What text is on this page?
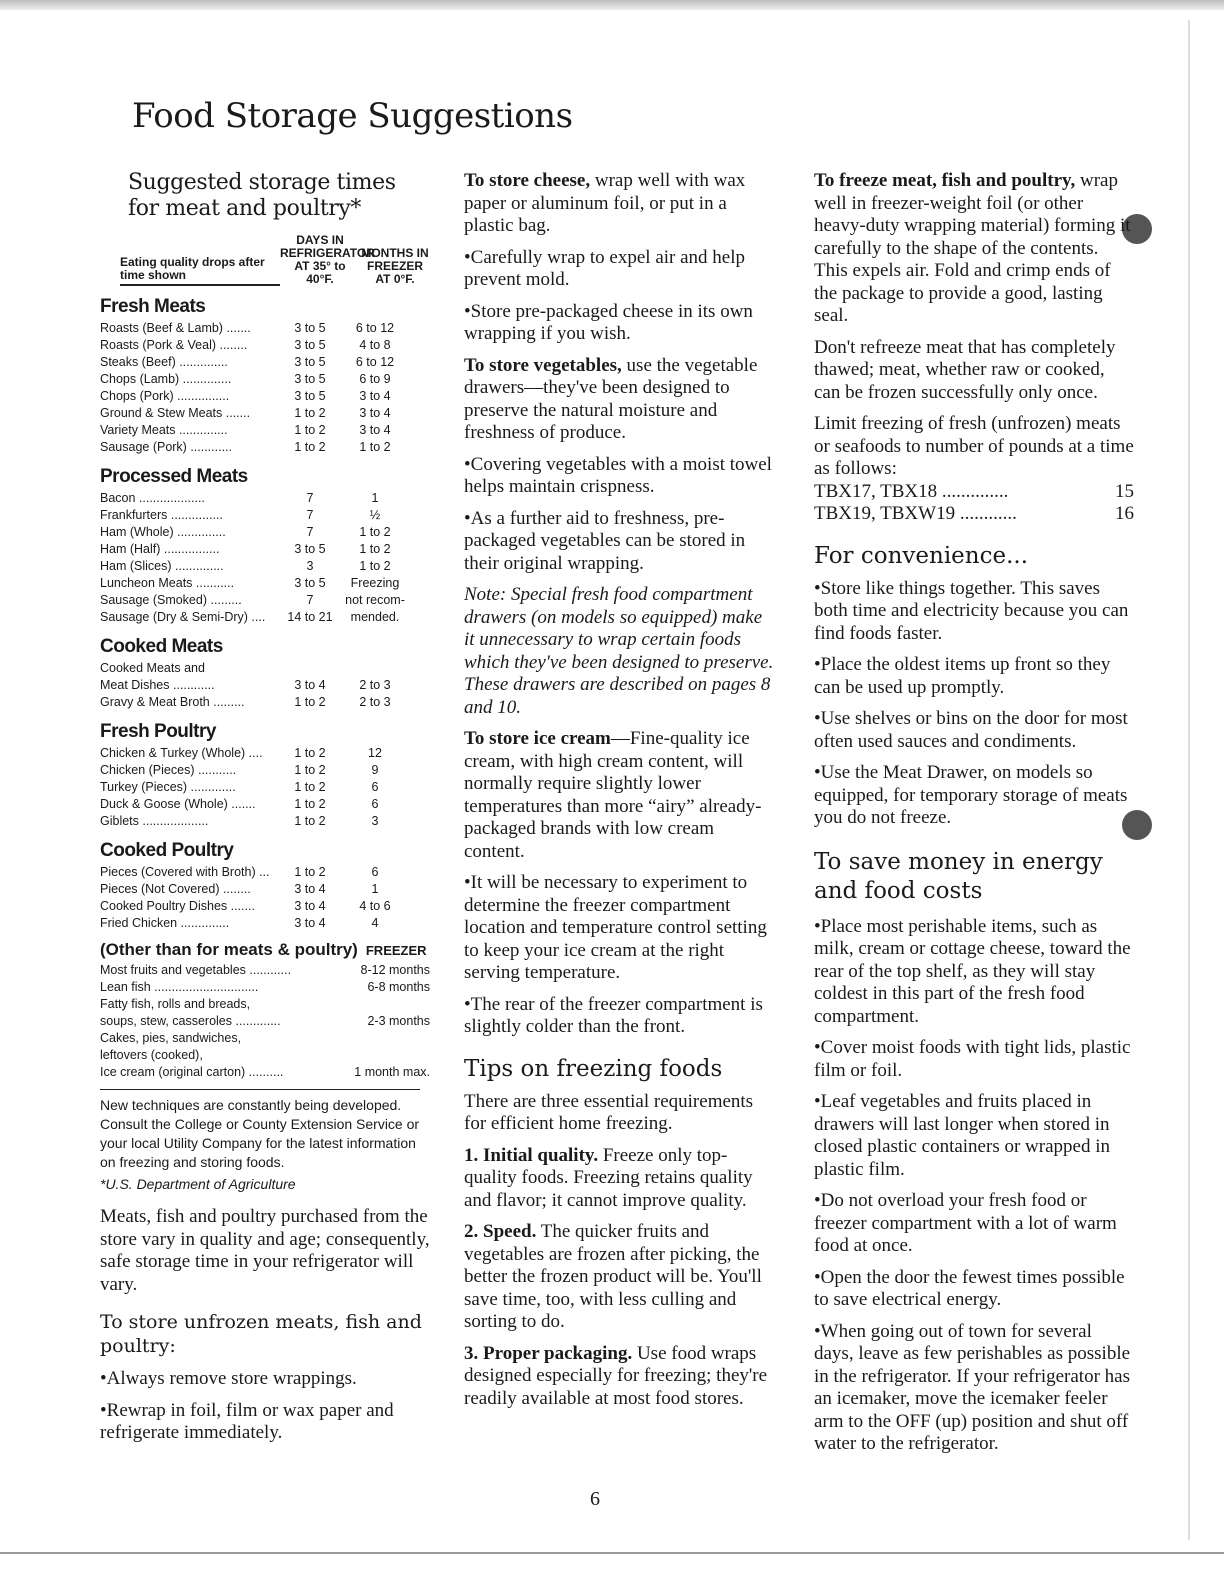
Food Storage Suggestions
Suggested storage times for meat and poultry*
Eating quality drops after time shown
DAYS IN REFRIGERATOR AT 35° to 40°F.
MONTHS IN FREEZER AT 0°F.
Fresh Meats
Roasts (Beef & Lamb) .......	3 to 5	6 to 12
Roasts (Pork & Veal) ........	3 to 5	4 to 8
Steaks (Beef) ..............	3 to 5	6 to 12
Chops (Lamb) ..............	3 to 5	6 to 9
Chops (Pork) ...............	3 to 5	3 to 4
Ground & Stew Meats .......	1 to 2	3 to 4
Variety Meats ..............	1 to 2	3 to 4
Sausage (Pork) ............	1 to 2	1 to 2
Processed Meats
Bacon ...................	7	1
Frankfurters ...............	7	½
Ham (Whole) ..............	7	1 to 2
Ham (Half) ................	3 to 5	1 to 2
Ham (Slices) ..............	3	1 to 2
Luncheon Meats ...........	3 to 5	Freezing
Sausage (Smoked) .........	7	not recom-
Sausage (Dry & Semi-Dry) ....	14 to 21	mended.
Cooked Meats
Cooked Meats and
Meat Dishes ............	3 to 4	2 to 3
Gravy & Meat Broth .........	1 to 2	2 to 3
Fresh Poultry
Chicken & Turkey (Whole) ....	1 to 2	12
Chicken (Pieces) ...........	1 to 2	9
Turkey (Pieces) .............	1 to 2	6
Duck & Goose (Whole) .......	1 to 2	6
Giblets ...................	1 to 2	3
Cooked Poultry
Pieces (Covered with Broth) ...	1 to 2	6
Pieces (Not Covered) ........	3 to 4	1
Cooked Poultry Dishes .......	3 to 4	4 to 6
Fried Chicken ..............	3 to 4	4
(Other than for meats & poultry) FREEZER
Most fruits and vegetables ............	8-12 months
Lean fish ..............................	6-8 months
Fatty fish, rolls and breads,
soups, stew, casseroles .............	2-3 months
Cakes, pies, sandwiches,
leftovers (cooked),
Ice cream (original carton) ..........	1 month max.
New techniques are constantly being developed. Consult the College or County Extension Service or your local Utility Company for the latest information on freezing and storing foods.
*U.S. Department of Agriculture

Meats, fish and poultry purchased from the store vary in quality and age; consequently, safe storage time in your refrigerator will vary.

To store unfrozen meats, fish and poultry:

• Always remove store wrappings.

• Rewrap in foil, film or wax paper and refrigerate immediately.

To store cheese, wrap well with wax paper or aluminum foil, or put in a plastic bag.

• Carefully wrap to expel air and help prevent mold.

• Store pre-packaged cheese in its own wrapping if you wish.

To store vegetables, use the vegetable drawers—they've been designed to preserve the natural moisture and freshness of produce.

• Covering vegetables with a moist towel helps maintain crispness.

• As a further aid to freshness, pre-packaged vegetables can be stored in their original wrapping.

Note: Special fresh food compartment drawers (on models so equipped) make it unnecessary to wrap certain foods which they've been designed to preserve. These drawers are described on pages 8 and 10.

To store ice cream—Fine-quality ice cream, with high cream content, will normally require slightly lower temperatures than more “airy” already-packaged brands with low cream content.

• It will be necessary to experiment to determine the freezer compartment location and temperature control setting to keep your ice cream at the right serving temperature.

• The rear of the freezer compartment is slightly colder than the front.

Tips on freezing foods

There are three essential requirements for efficient home freezing.

1. Initial quality. Freeze only top-quality foods. Freezing retains quality and flavor; it cannot improve quality.

2. Speed. The quicker fruits and vegetables are frozen after picking, the better the frozen product will be. You'll save time, too, with less culling and sorting to do.

3. Proper packaging. Use food wraps designed especially for freezing; they're readily available at most food stores.

To freeze meat, fish and poultry, wrap well in freezer-weight foil (or other heavy-duty wrapping material) forming it carefully to the shape of the contents. This expels air. Fold and crimp ends of the package to provide a good, lasting seal.

Don't refreeze meat that has completely thawed; meat, whether raw or cooked, can be frozen successfully only once.

Limit freezing of fresh (unfrozen) meats or seafoods to number of pounds at a time as follows:

TBX17, TBX18 ..............	15
TBX19, TBXW19 ............	16
For convenience...

• Store like things together. This saves both time and electricity because you can find foods faster.

• Place the oldest items up front so they can be used up promptly.

• Use shelves or bins on the door for most often used sauces and condiments.

• Use the Meat Drawer, on models so equipped, for temporary storage of meats you do not freeze.

To save money in energy and food costs

• Place most perishable items, such as milk, cream or cottage cheese, toward the rear of the top shelf, as they will stay coldest in this part of the fresh food compartment.

• Cover moist foods with tight lids, plastic film or foil.

• Leaf vegetables and fruits placed in drawers will last longer when stored in closed plastic containers or wrapped in plastic film.

• Do not overload your fresh food or freezer compartment with a lot of warm food at once.

• Open the door the fewest times possible to save electrical energy.

• When going out of town for several days, leave as few perishables as possible in the refrigerator. If your refrigerator has an icemaker, move the icemaker feeler arm to the OFF (up) position and shut off water to the refrigerator.

6
